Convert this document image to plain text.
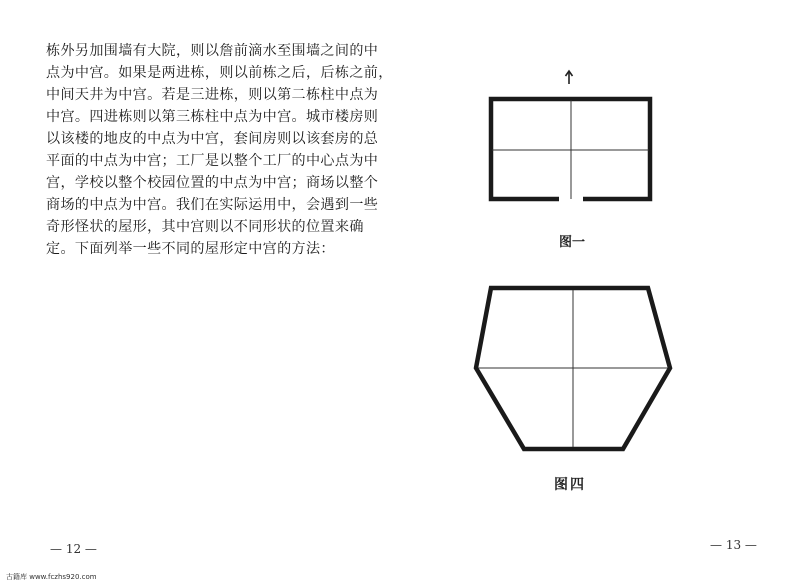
栋外另加围墙有大院，则以詹前滴水至围墙之间的中
点为中宫。如果是两进栋，则以前栋之后，后栋之前，
中间天井为中宫。若是三进栋，则以第二栋柱中点为
中宫。四进栋则以第三栋柱中点为中宫。城市楼房则
以该楼的地皮的中点为中宫，套间房则以该套房的总
平面的中点为中宫；工厂是以整个工厂的中心点为中
宫，学校以整个校园位置的中点为中宫；商场以整个
商场的中点为中宫。我们在实际运用中，会遇到一些
奇形怪状的屋形，其中宫则以不同形状的位置来确
定。下面列举一些不同的屋形定中宫的方法：
— 12 —
古籍库 www.fczhs920.com
图一
图四
— 13 —
